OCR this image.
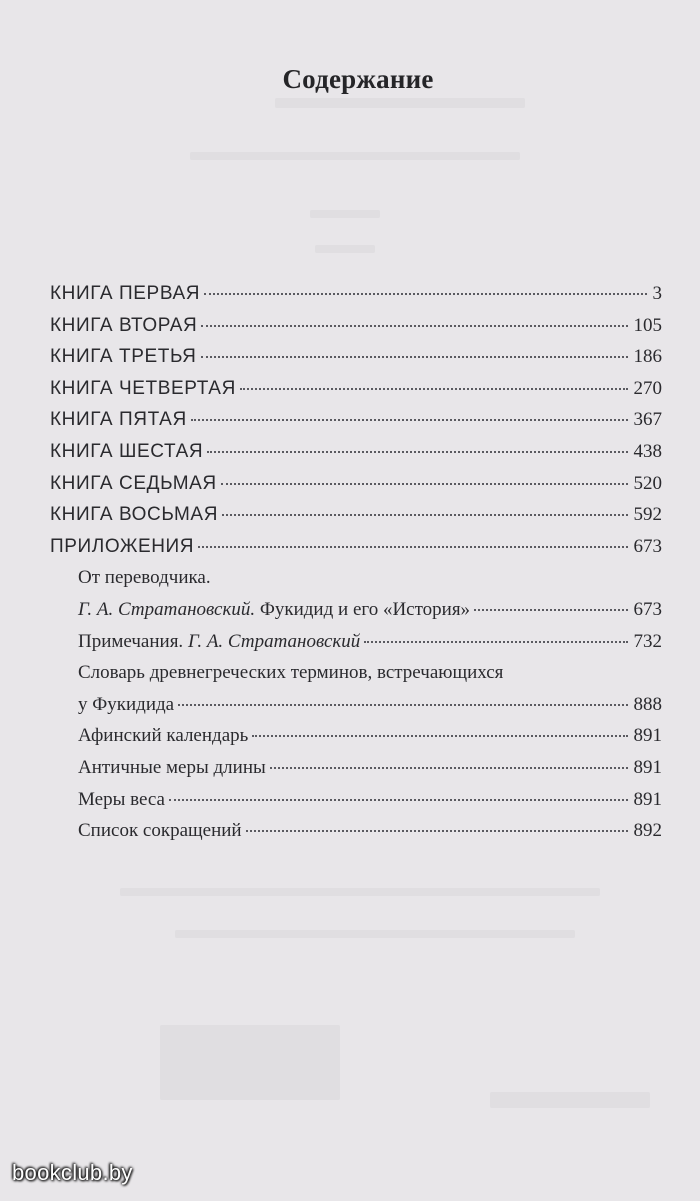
Содержание
КНИГА ПЕРВАЯ	3
КНИГА ВТОРАЯ	105
КНИГА ТРЕТЬЯ	186
КНИГА ЧЕТВЕРТАЯ	270
КНИГА ПЯТАЯ	367
КНИГА ШЕСТАЯ	438
КНИГА СЕДЬМАЯ	520
КНИГА ВОСЬМАЯ	592
ПРИЛОЖЕНИЯ	673
От переводчика.
Г. А. Стратановский. Фукидид и его «История»	673
Примечания. Г. А. Стратановский	732
Словарь древнегреческих терминов, встречающихся
у Фукидида	888
Афинский календарь	891
Античные меры длины	891
Меры веса	891
Список сокращений	892
bookclub.by
